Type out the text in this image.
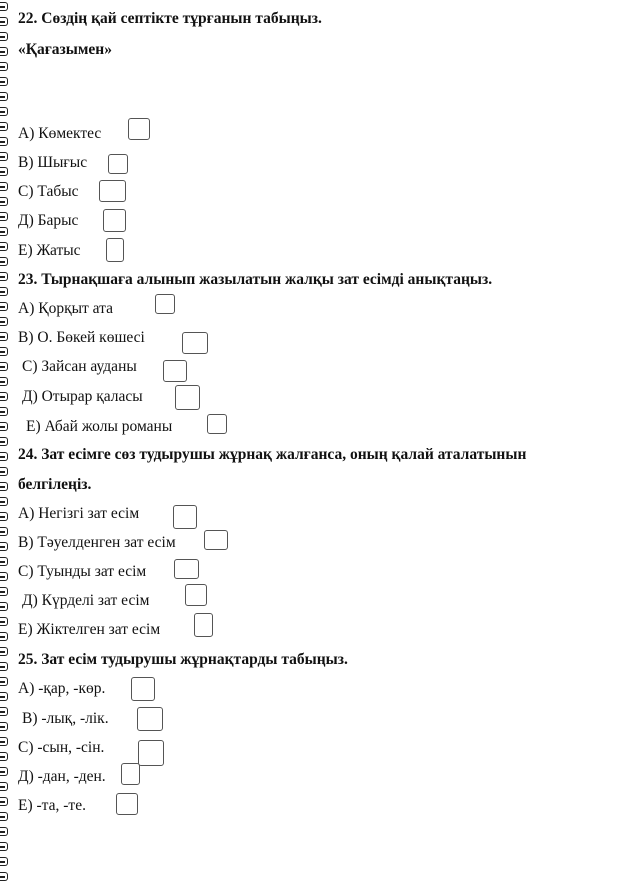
22. Сөздің қай септікте тұрғанын табыңыз.
«Қағазымен»
А) Көмектес
В) Шығыс
С) Табыс
Д) Барыс
Е) Жатыс
23. Тырнақшаға алынып жазылатын жалқы зат есімді анықтаңыз.
А) Қорқыт ата
В) О. Бөкей көшесі
С) Зайсан ауданы
Д) Отырар қаласы
Е) Абай жолы романы
24. Зат есімге сөз тудырушы жұрнақ жалғанса, оның қалай аталатынын
белгілеңіз.
А) Негізгі зат есім
В) Тәуелденген зат есім
С) Туынды зат есім
Д) Күрделі зат есім
Е) Жіктелген зат есім
25. Зат есім тудырушы жұрнақтарды табыңыз.
А) -қар, -көр.
В) -лық, -лік.
С) -сын, -сін.
Д) -дан, -ден.
Е) -та, -те.
